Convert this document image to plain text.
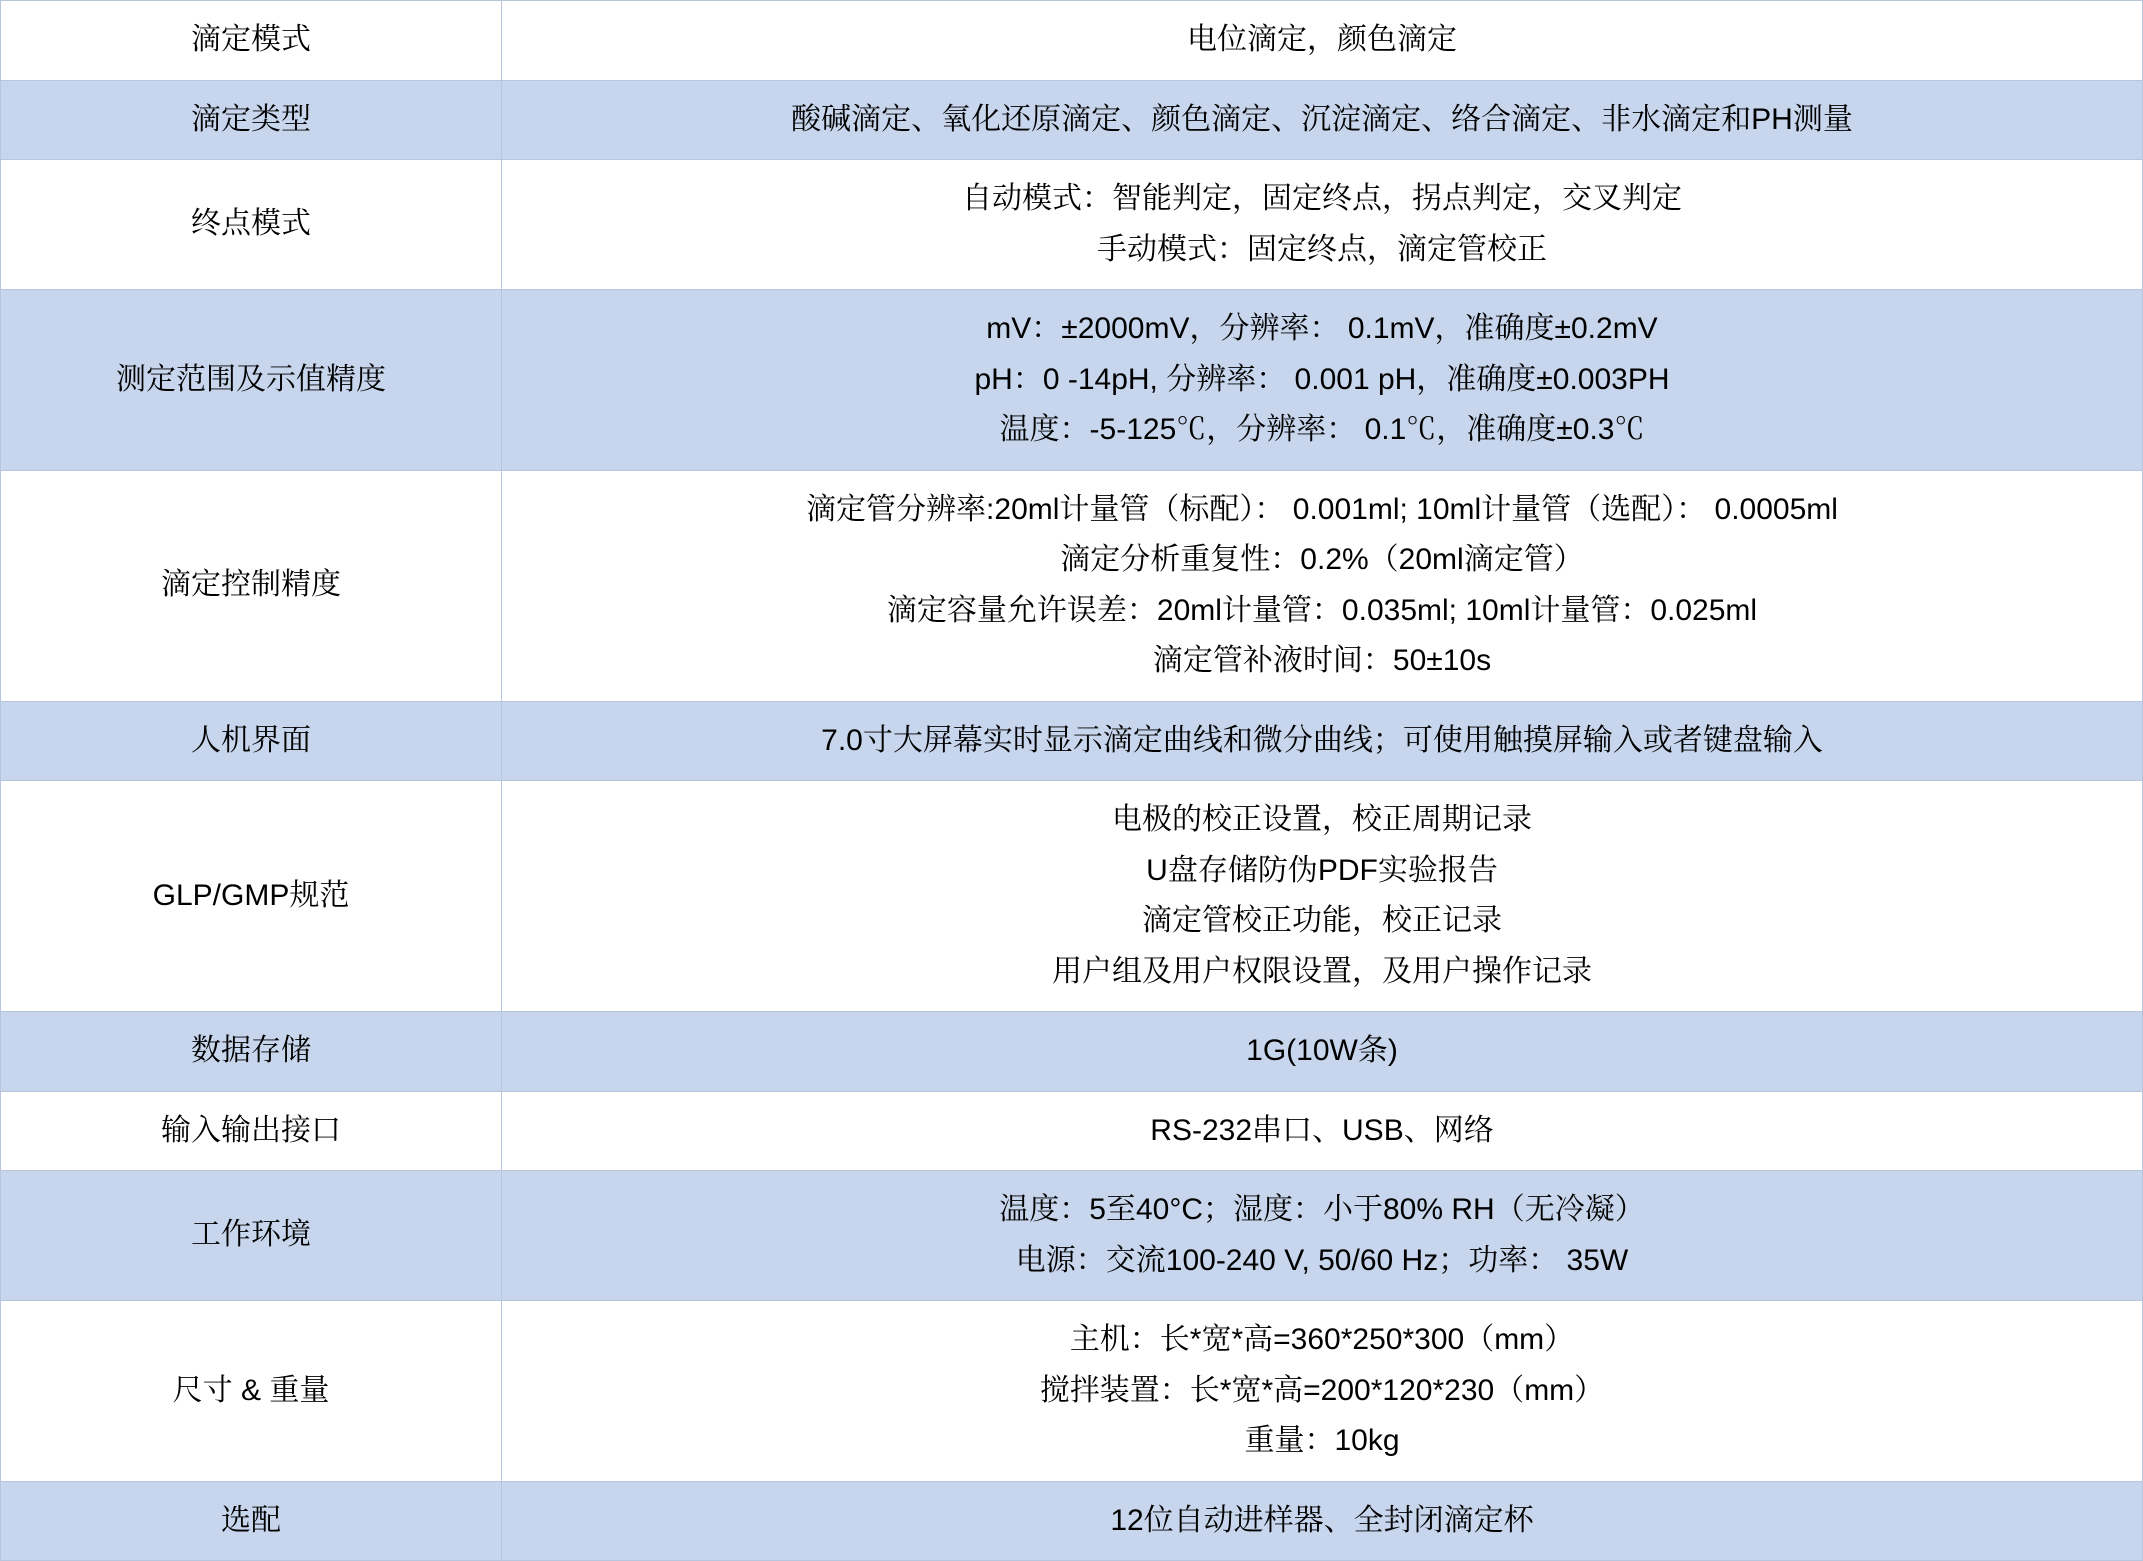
滴定模式	电位滴定，颜色滴定

滴定类型	酸碱滴定、氧化还原滴定、颜色滴定、沉淀滴定、络合滴定、非水滴定和PH测量

终点模式	自动模式：智能判定，固定终点，拐点判定，交叉判定
手动模式：固定终点，滴定管校正

测定范围及示值精度	mV：±2000mV，分辨率： 0.1mV，准确度±0.2mV
pH：0 -14pH, 分辨率： 0.001 pH，准确度±0.003PH
温度：-5-125℃，分辨率： 0.1℃，准确度±0.3℃

滴定控制精度	滴定管分辨率:20ml计量管（标配）： 0.001ml; 10ml计量管（选配）： 0.0005ml
滴定分析重复性：0.2%（20ml滴定管）
滴定容量允许误差：20ml计量管：0.035ml; 10ml计量管：0.025ml
滴定管补液时间：50±10s

人机界面	7.0寸大屏幕实时显示滴定曲线和微分曲线；可使用触摸屏输入或者键盘输入

GLP/GMP规范	电极的校正设置，校正周期记录
U盘存储防伪PDF实验报告
滴定管校正功能，校正记录
用户组及用户权限设置，及用户操作记录

数据存储	1G(10W条)

输入输出接口	RS-232串口、USB、网络

工作环境	温度：5至40°C；湿度：小于80% RH（无冷凝）
电源：交流100-240 V, 50/60 Hz；功率： 35W

尺寸 & 重量	主机：长*宽*高=360*250*300（mm）
搅拌装置：长*宽*高=200*120*230（mm）
重量：10kg

选配	12位自动进样器、全封闭滴定杯
